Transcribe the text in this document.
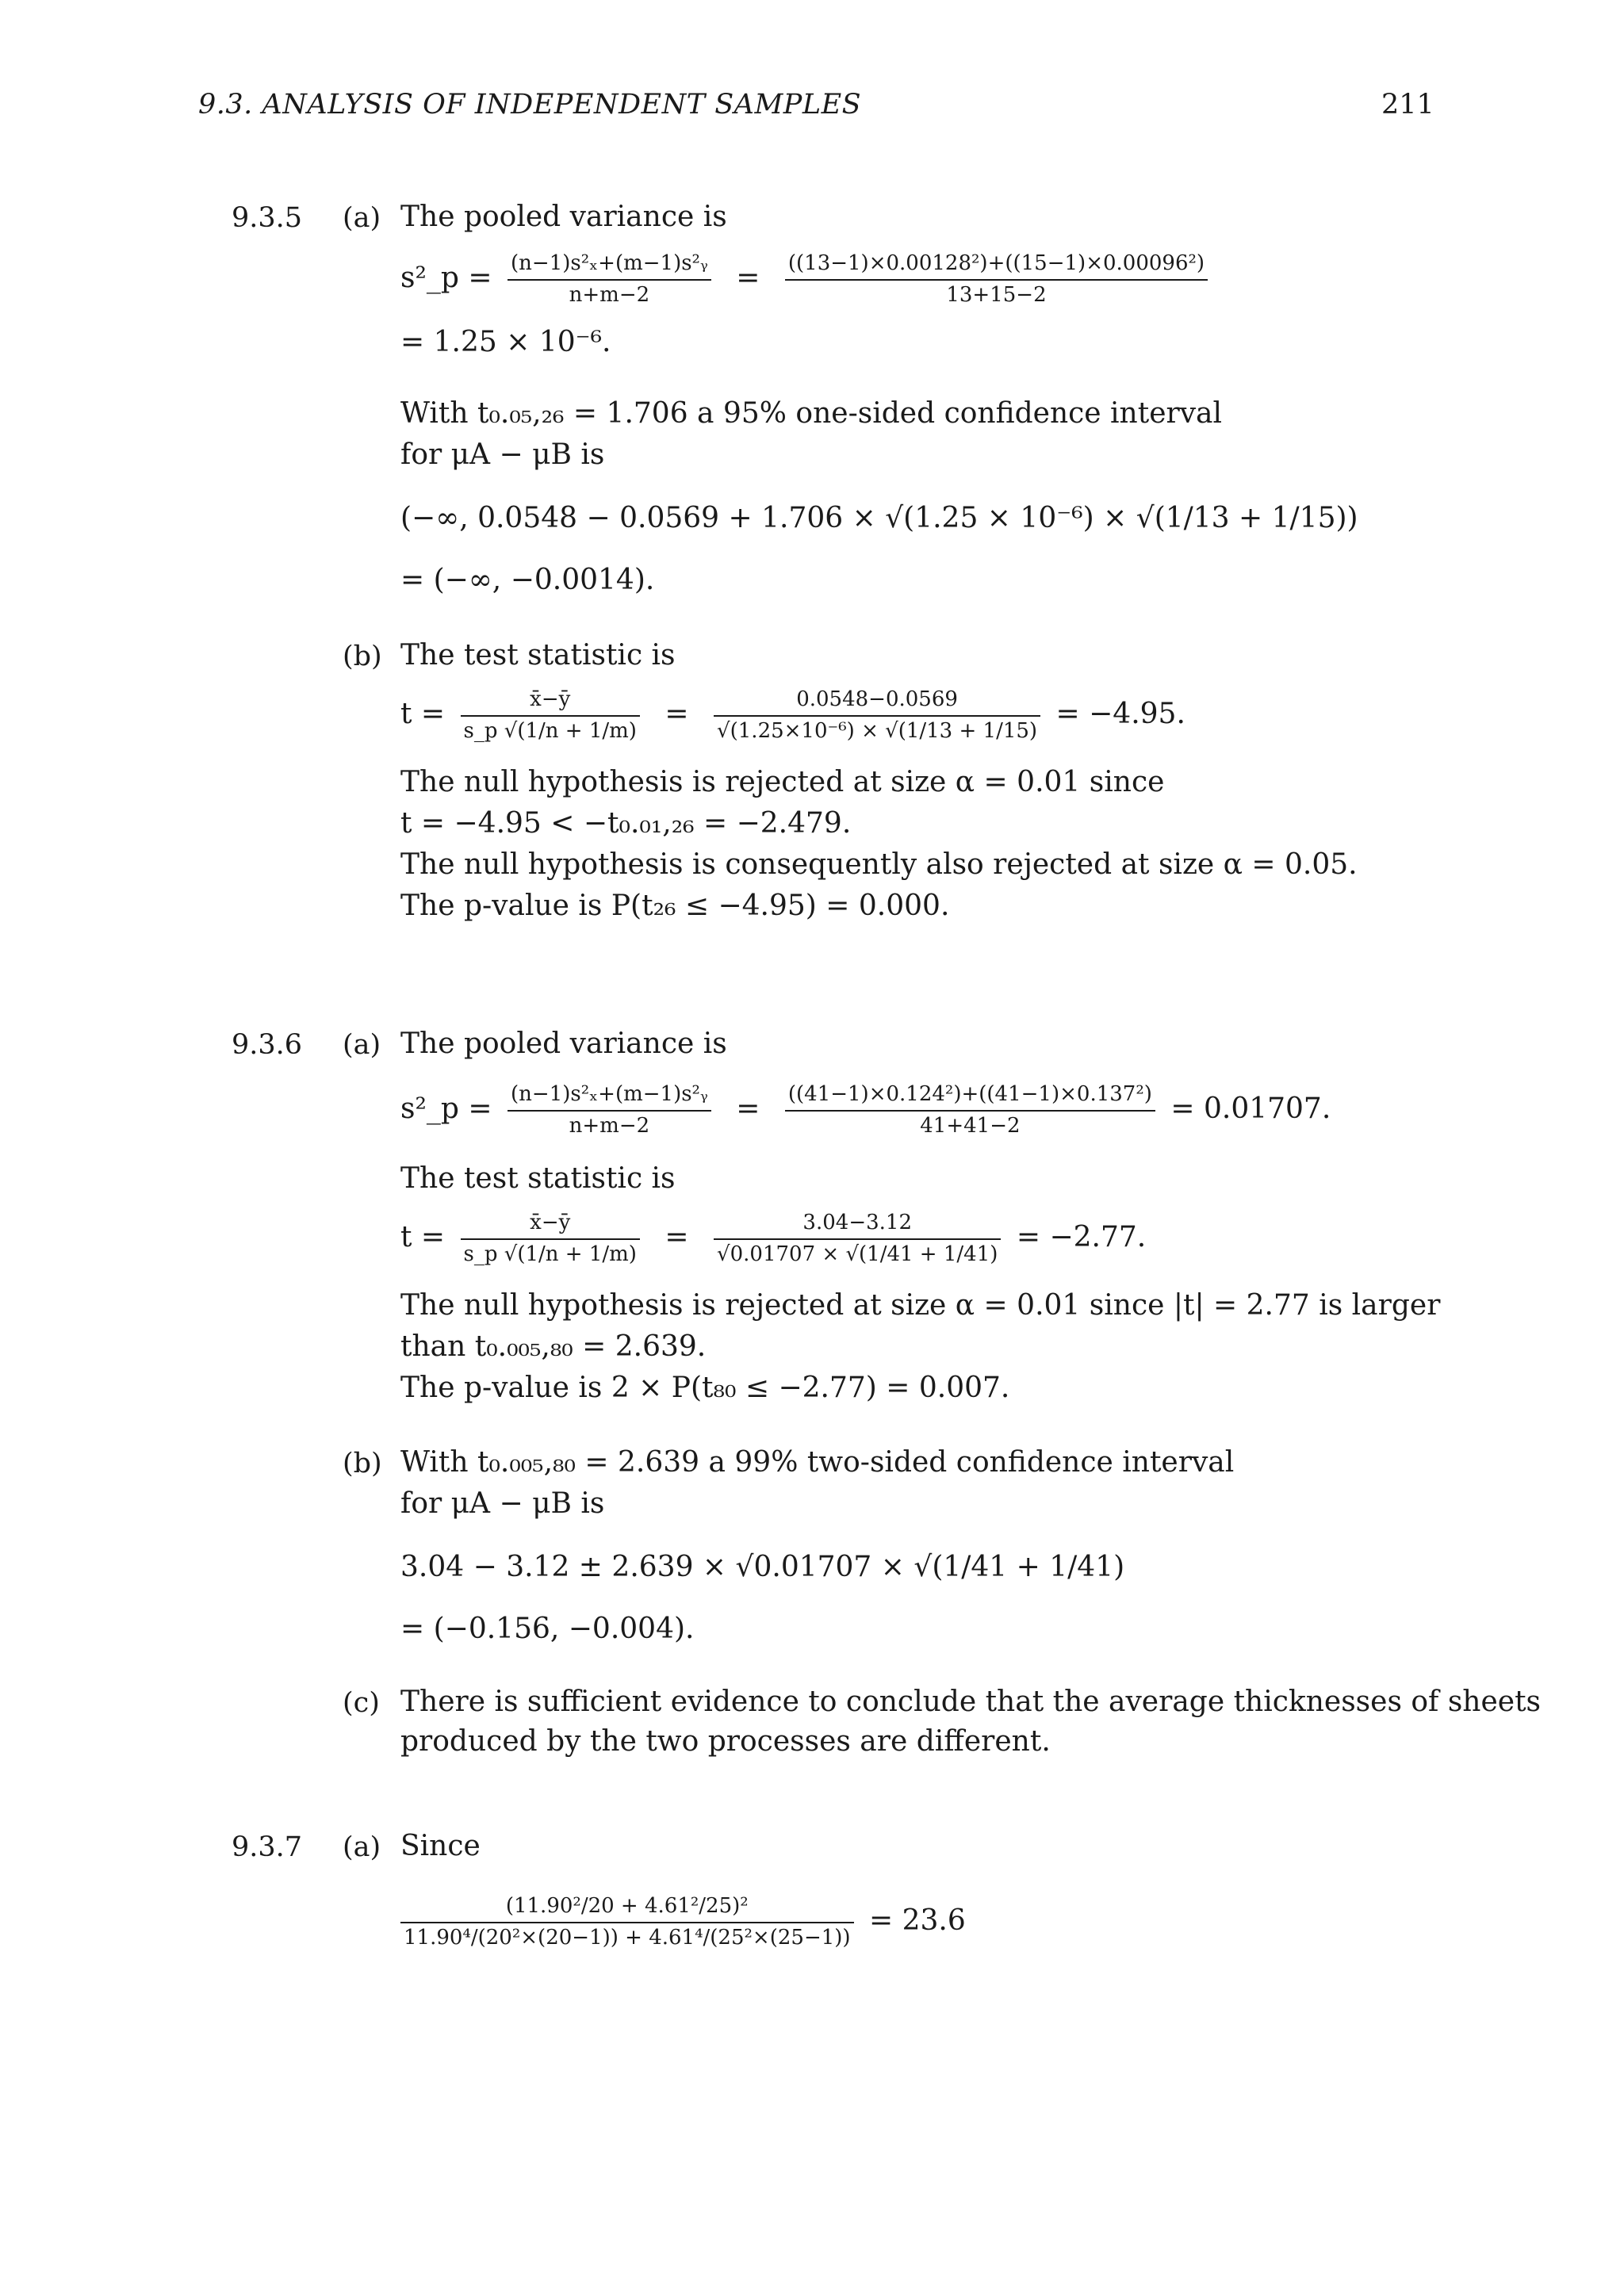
9.3. ANALYSIS OF INDEPENDENT SAMPLES	211
9.3.5 (a) The pooled variance is
s²_p = $\frac{\text{(n−1)s²ₓ+(m−1)s²ᵧ}}{n+m-2} = \frac{\text{((13−1)×0.00128²)+((15−1)×0.00096²)}}{13+15-2}$
= 1.25 × 10⁻⁶.
With t₀.₀₅,₂₆ = 1.706 a 95% one-sided confidence interval
for μA − μB is
(−∞, 0.0548 − 0.0569 + 1.706 × √(1.25 × 10⁻⁶) × √(1/13 + 1/15))
= (−∞, −0.0014).
(b) The test statistic is
$t = \frac{x̄-ȳ}{s\_p √(1/n + 1/m)} = \frac{0.0548-0.0569}{\text{√(1.25×10⁻⁶) × √(1/13 + 1/15)}} = -4.95$.
The null hypothesis is rejected at size α = 0.01 since
t = −4.95 < −t₀.₀₁,₂₆ = −2.479.
The null hypothesis is consequently also rejected at size α = 0.05.
The p-value is P(t₂₆ ≤ −4.95) = 0.000.
9.3.6 (a) The pooled variance is
s²_p = $\frac{\text{(n−1)s²ₓ+(m−1)s²ᵧ}}{n+m-2} = \frac{\text{((41−1)×0.124²)+((41−1)×0.137²)}}{41+41-2} = 0.01707$.
The test statistic is
$t = \frac{x̄-ȳ}{s\_p √(1/n + 1/m)} = \frac{3.04-3.12}{√0.01707 \times √(1/41 + 1/41)} = -2.77$.
The null hypothesis is rejected at size α = 0.01 since |t| = 2.77 is larger
than t₀.₀₀₅,₈₀ = 2.639.
The p-value is 2 × P(t₈₀ ≤ −2.77) = 0.007.
(b) With t₀.₀₀₅,₈₀ = 2.639 a 99% two-sided confidence interval
for μA − μB is
3.04 − 3.12 ± 2.639 × √0.01707 × √(1/41 + 1/41)
= (−0.156, −0.004).
(c) There is sufficient evidence to conclude that the average thicknesses of sheets
produced by the two processes are different.
9.3.7 (a) Since
$\frac{\text{(11.90²/20 + 4.61²/25)²}}{\text{11.90⁴/(20²×(20−1)) + 4.61⁴/(25²×(25−1))}} = 23.6$
